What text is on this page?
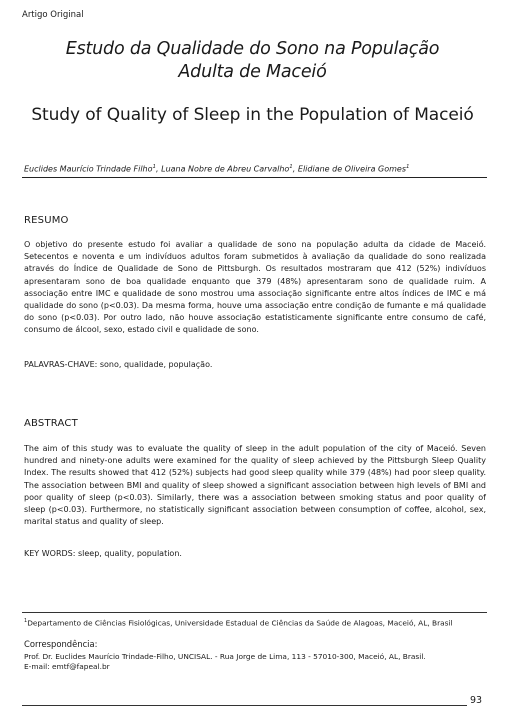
Artigo Original
Estudo da Qualidade do Sono na População
Adulta de Maceió
Study of Quality of Sleep in the Population of Maceió
Euclides Maurício Trindade Filho$^1$, Luana Nobre de Abreu Carvalho$^1$, Elidiane de Oliveira Gomes$^1$
RESUMO
O objetivo do presente estudo foi avaliar a qualidade de sono na população adulta da cidade de Maceió. Setecentos e noventa e um indivíduos adultos foram submetidos à avaliação da qualidade do sono realizada através do Índice de Qualidade de Sono de Pittsburgh. Os resultados mostraram que 412 (52%) indivíduos apresentaram sono de boa qualidade enquanto que 379 (48%) apresentaram sono de qualidade ruim. A associação entre IMC e qualidade de sono mostrou uma associação significante entre altos índices de IMC e má qualidade do sono (p<0.03). Da mesma forma, houve uma associação entre condição de fumante e má qualidade do sono (p<0.03). Por outro lado, não houve associação estatisticamente significante entre consumo de café, consumo de álcool, sexo, estado civil e qualidade de sono.
PALAVRAS-CHAVE: sono, qualidade, população.
ABSTRACT
The aim of this study was to evaluate the quality of sleep in the adult population of the city of Maceió. Seven hundred and ninety-one adults were examined for the quality of sleep achieved by the Pittsburgh Sleep Quality Index. The results showed that 412 (52%) subjects had good sleep quality while 379 (48%) had poor sleep quality. The association between BMI and quality of sleep showed a significant association between high levels of BMI and poor quality of sleep (p<0.03). Similarly, there was a association between smoking status and poor quality of sleep (p<0.03). Furthermore, no statistically significant association between consumption of coffee, alcohol, sex, marital status and quality of sleep.
KEY WORDS: sleep, quality, population.
$^1$Departamento de Ciências Fisiológicas, Universidade Estadual de Ciências da Saúde de Alagoas, Maceió, AL, Brasil
Correspondência:
Prof. Dr. Euclides Maurício Trindade-Filho, UNCISAL. - Rua Jorge de Lima, 113 - 57010-300, Maceió, AL, Brasil.
E-mail: emtf@fapeal.br
93
